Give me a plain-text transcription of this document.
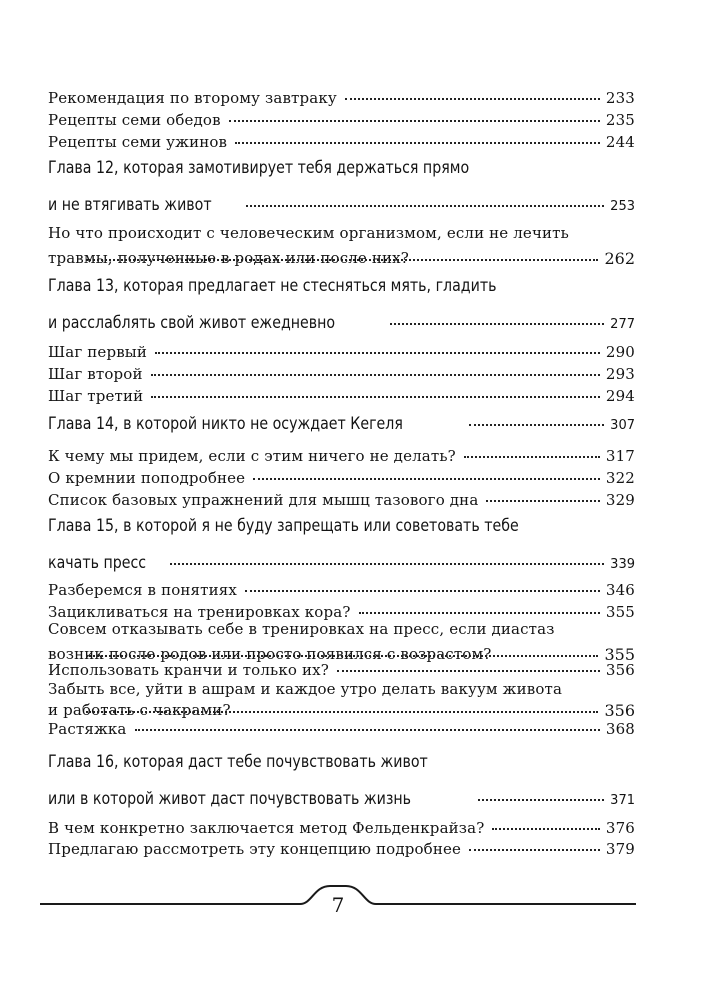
Рекомендация по второму завтраку	233
Рецепты семи обедов	235
Рецепты семи ужинов	244
Глава 12, которая замотивирует тебя держаться прямо
и не втягивать живот	253
Но что происходит с человеческим организмом, если не лечить
травмы, полученные в родах или после них?	262
Глава 13, которая предлагает не стесняться мять, гладить
и расслаблять свой живот ежедневно	277
Шаг первый	290
Шаг второй	293
Шаг третий	294
Глава 14, в которой никто не осуждает Кегеля	307
К чему мы придем, если с этим ничего не делать?	317
О кремнии поподробнее	322
Список базовых упражнений для мышц тазового дна	329
Глава 15, в которой я не буду запрещать или советовать тебе
качать пресс	339
Разберемся в понятиях	346
Зацикливаться на тренировках кора?	355
Совсем отказывать себе в тренировках на пресс, если диастаз
возник после родов или просто появился с возрастом?	355
Использовать кранчи и только их?	356
Забыть все, уйти в ашрам и каждое утро делать вакуум живота
и работать с чакрами?	356
Растяжка	368
Глава 16, которая даст тебе почувствовать живот
или в которой живот даст почувствовать жизнь	371
В чем конкретно заключается метод Фельденкрайза?	376
Предлагаю рассмотреть эту концепцию подробнее	379
7
